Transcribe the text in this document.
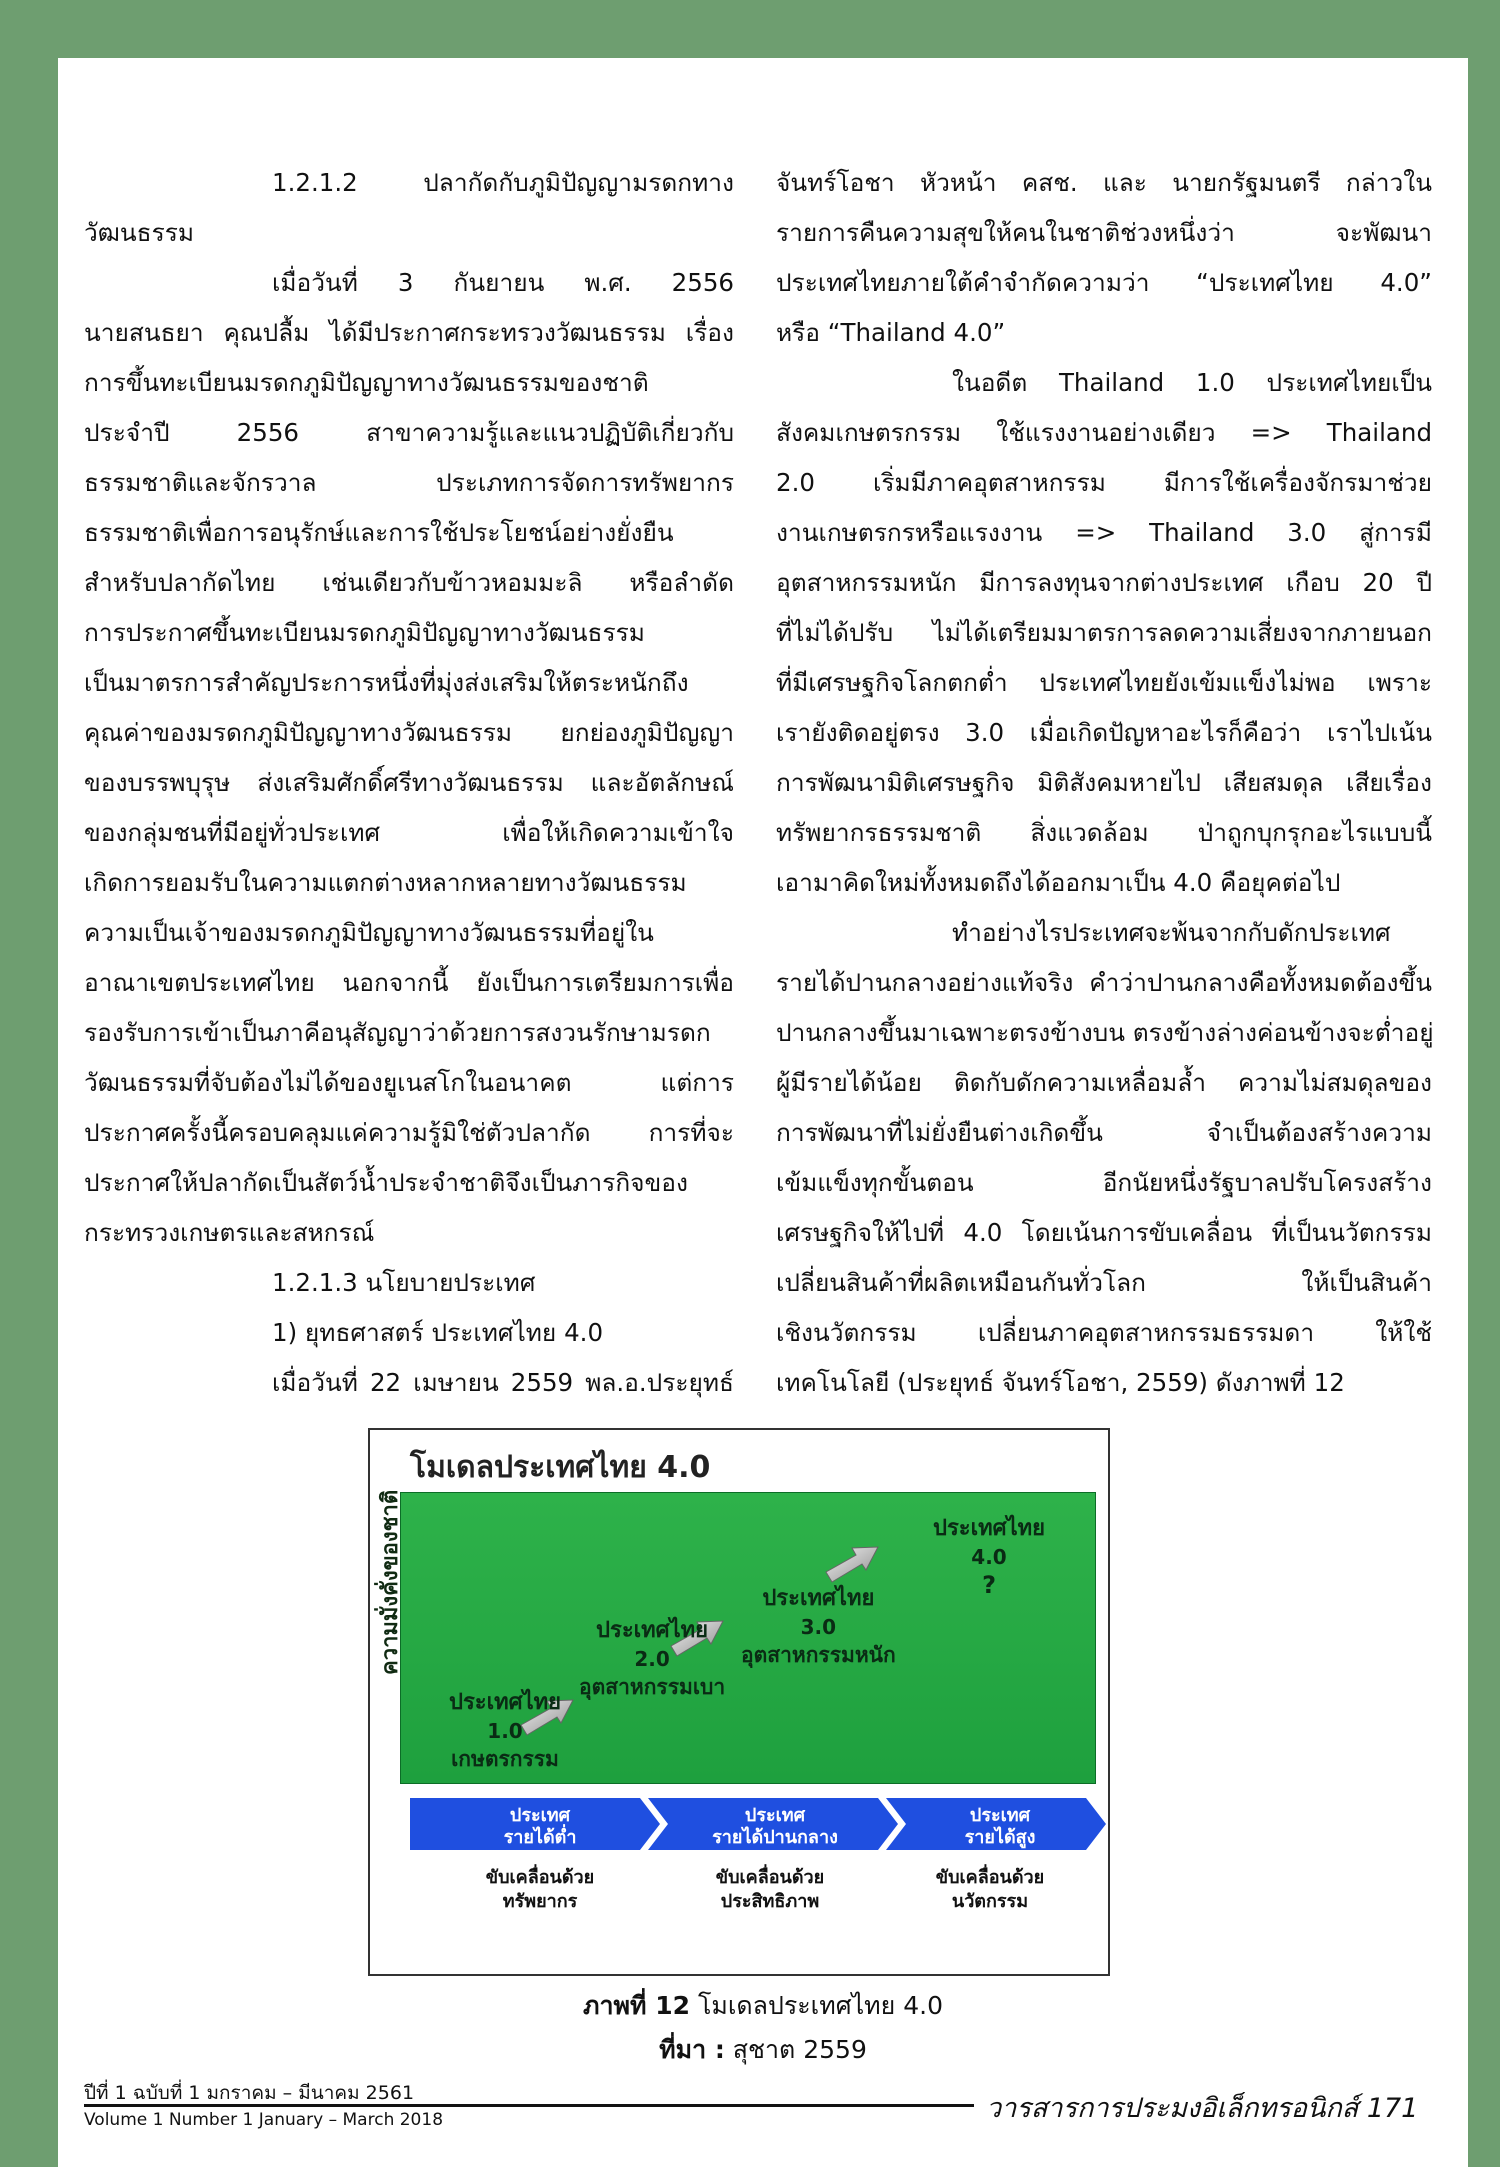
1.2.1.2 ปลากัดกับภูมิปัญญามรดกทาง

วัฒนธรรม

เมื่อวันที่ 3 กันยายน พ.ศ. 2556

นายสนธยา คุณปลื้ม ได้มีประกาศกระทรวงวัฒนธรรม เรื่อง

การขึ้นทะเบียนมรดกภูมิปัญญาทางวัฒนธรรมของชาติ

ประจำปี 2556 สาขาความรู้และแนวปฏิบัติเกี่ยวกับ

ธรรมชาติและจักรวาล ประเภทการจัดการทรัพยากร

ธรรมชาติเพื่อการอนุรักษ์และการใช้ประโยชน์อย่างยั่งยืน

สำหรับปลากัดไทย เช่นเดียวกับข้าวหอมมะลิ หรือลำดัด

การประกาศขึ้นทะเบียนมรดกภูมิปัญญาทางวัฒนธรรม

เป็นมาตรการสำคัญประการหนึ่งที่มุ่งส่งเสริมให้ตระหนักถึง

คุณค่าของมรดกภูมิปัญญาทางวัฒนธรรม ยกย่องภูมิปัญญา

ของบรรพบุรุษ ส่งเสริมศักดิ์ศรีทางวัฒนธรรม และอัตลักษณ์

ของกลุ่มชนที่มีอยู่ทั่วประเทศ เพื่อให้เกิดความเข้าใจ

เกิดการยอมรับในความแตกต่างหลากหลายทางวัฒนธรรม

ความเป็นเจ้าของมรดกภูมิปัญญาทางวัฒนธรรมที่อยู่ใน

อาณาเขตประเทศไทย นอกจากนี้ ยังเป็นการเตรียมการเพื่อ

รองรับการเข้าเป็นภาคีอนุสัญญาว่าด้วยการสงวนรักษามรดก

วัฒนธรรมที่จับต้องไม่ได้ของยูเนสโกในอนาคต แต่การ

ประกาศครั้งนี้ครอบคลุมแค่ความรู้มิใช่ตัวปลากัด การที่จะ

ประกาศให้ปลากัดเป็นสัตว์น้ำประจำชาติจึงเป็นภารกิจของ

กระทรวงเกษตรและสหกรณ์

1.2.1.3 นโยบายประเทศ

1) ยุทธศาสตร์ ประเทศไทย 4.0

เมื่อวันที่ 22 เมษายน 2559 พล.อ.ประยุทธ์

จันทร์โอชา หัวหน้า คสช. และ นายกรัฐมนตรี กล่าวใน

รายการคืนความสุขให้คนในชาติช่วงหนึ่งว่า จะพัฒนา

ประเทศไทยภายใต้คำจำกัดความว่า “ประเทศไทย 4.0”

หรือ “Thailand 4.0”

ในอดีต Thailand 1.0 ประเทศไทยเป็น

สังคมเกษตรกรรม ใช้แรงงานอย่างเดียว => Thailand

2.0 เริ่มมีภาคอุตสาหกรรม มีการใช้เครื่องจักรมาช่วย

งานเกษตรกรหรือแรงงาน => Thailand 3.0 สู่การมี

อุตสาหกรรมหนัก มีการลงทุนจากต่างประเทศ เกือบ 20 ปี

ที่ไม่ได้ปรับ ไม่ได้เตรียมมาตรการลดความเสี่ยงจากภายนอก

ที่มีเศรษฐกิจโลกตกต่ำ ประเทศไทยยังเข้มแข็งไม่พอ เพราะ

เรายังติดอยู่ตรง 3.0 เมื่อเกิดปัญหาอะไรก็คือว่า เราไปเน้น

การพัฒนามิติเศรษฐกิจ มิติสังคมหายไป เสียสมดุล เสียเรื่อง

ทรัพยากรธรรมชาติ สิ่งแวดล้อม ป่าถูกบุกรุกอะไรแบบนี้

เอามาคิดใหม่ทั้งหมดถึงได้ออกมาเป็น 4.0 คือยุคต่อไป

ทำอย่างไรประเทศจะพ้นจากกับดักประเทศ

รายได้ปานกลางอย่างแท้จริง คำว่าปานกลางคือทั้งหมดต้องขึ้น

ปานกลางขึ้นมาเฉพาะตรงข้างบน ตรงข้างล่างค่อนข้างจะต่ำอยู่

ผู้มีรายได้น้อย ติดกับดักความเหลื่อมล้ำ ความไม่สมดุลของ

การพัฒนาที่ไม่ยั่งยืนต่างเกิดขึ้น จำเป็นต้องสร้างความ

เข้มแข็งทุกขั้นตอน อีกนัยหนึ่งรัฐบาลปรับโครงสร้าง

เศรษฐกิจให้ไปที่ 4.0 โดยเน้นการขับเคลื่อน ที่เป็นนวัตกรรม

เปลี่ยนสินค้าที่ผลิตเหมือนกันทั่วโลก ให้เป็นสินค้า

เชิงนวัตกรรม เปลี่ยนภาคอุตสาหกรรมธรรมดา ให้ใช้

เทคโนโลยี (ประยุทธ์ จันทร์โอชา, 2559) ดังภาพที่ 12

โมเดลประเทศไทย 4.0
ประเทศไทย
1.0
เกษตรกรรม
ประเทศไทย
2.0
อุตสาหกรรมเบา
ประเทศไทย
3.0
อุตสาหกรรมหนัก
ประเทศไทย
4.0
?
ความมั่งคั่งของชาติ
ประเทศ
รายได้ต่ำ
ประเทศ
รายได้ปานกลาง
ประเทศ
รายได้สูง
ขับเคลื่อนด้วย
ทรัพยากร
ขับเคลื่อนด้วย
ประสิทธิภาพ
ขับเคลื่อนด้วย
นวัตกรรม
ภาพที่ 12 โมเดลประเทศไทย 4.0
ที่มา : สุชาต 2559
ปีที่ 1 ฉบับที่ 1 มกราคม – มีนาคม 2561
Volume 1 Number 1 January – March 2018	วารสารการประมงอิเล็กทรอนิกส์ 171
